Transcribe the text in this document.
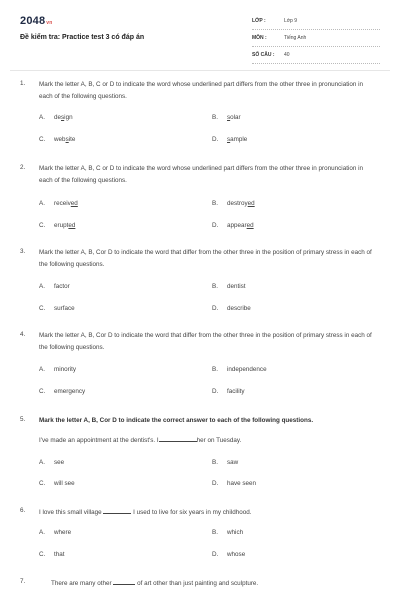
2048vn
Đề kiểm tra: Practice test 3 có đáp án
LỚP :	Lớp 9
MÔN :	Tiếng Anh
SỐ CÂU : 40
1. Mark the letter A, B, C or D to indicate the word whose underlined part differs from the other three in pronunciation in each of the following questions.
A. design	B. solar
C. website	D. sample
2. Mark the letter A, B, C or D to indicate the word whose underlined part differs from the other three in pronunciation in each of the following questions.
A. received	B. destroyed
C. erupted	D. appeared
3. Mark the letter A, B, Cor D to indicate the word that differ from the other three in the position of primary stress in each of the following questions.
A. factor	B. dentist
C. surface	D. describe
4. Mark the letter A, B, Cor D to indicate the word that differ from the other three in the position of primary stress in each of the following questions.
A. minority	B. independence
C. emergency	D. facility
5. Mark the letter A, B, Cor D to indicate the correct answer to each of the following questions.
I've made an appointment at the dentist's. I	her on Tuesday.
A. see	B. saw
C. will see	D. have seen
6. I love this small village	I used to live for six years in my childhood.
A. where	B. which
C. that	D. whose
7.	There are many other	of art other than just painting and sculpture.
